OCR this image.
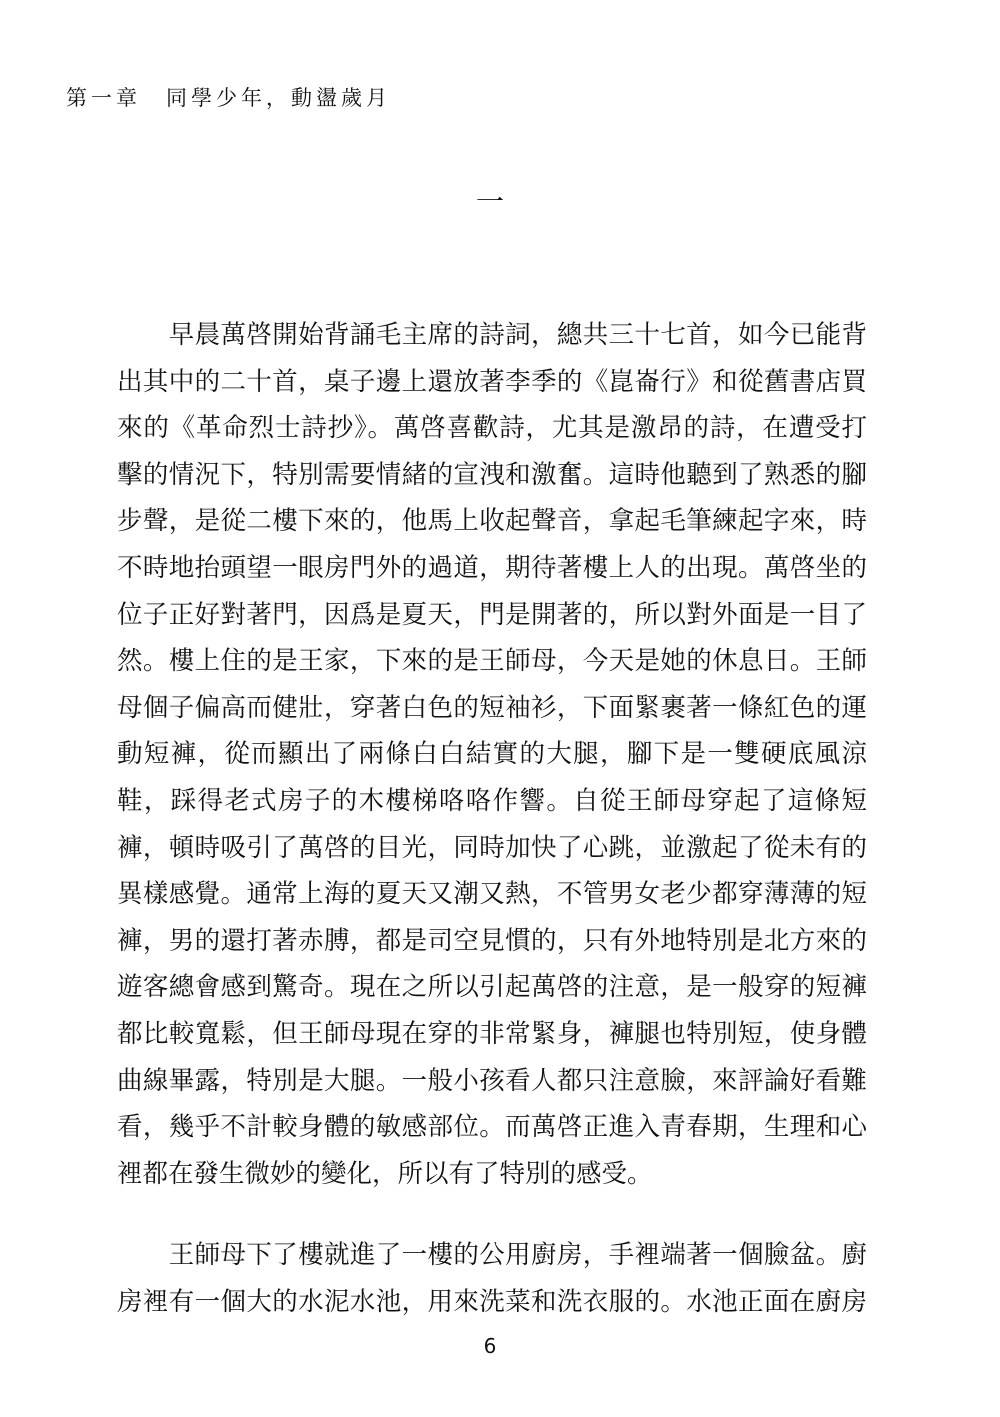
第一章　 同學少年，動盪歲月
一
　　早晨萬啓開始背誦毛主席的詩詞，總共三十七首，如今已能背
出其中的二十首，桌子邊上還放著李季的《崑崙行》和從舊書店買
來的《革命烈士詩抄》。萬啓喜歡詩，尤其是激昂的詩，在遭受打
擊的情況下，特別需要情緒的宣洩和激奮。這時他聽到了熟悉的腳
步聲，是從二樓下來的，他馬上收起聲音，拿起毛筆練起字來，時
不時地抬頭望一眼房門外的過道，期待著樓上人的出現。萬啓坐的
位子正好對著門，因爲是夏天，門是開著的，所以對外面是一目了
然。樓上住的是王家，下來的是王師母，今天是她的休息日。王師
母個子偏高而健壯，穿著白色的短袖衫，下面緊裹著一條紅色的運
動短褲，從而顯出了兩條白白結實的大腿，腳下是一雙硬底風涼
鞋，踩得老式房子的木樓梯咯咯作響。自從王師母穿起了這條短
褲，頓時吸引了萬啓的目光，同時加快了心跳，並激起了從未有的
異樣感覺。通常上海的夏天又潮又熱，不管男女老少都穿薄薄的短
褲，男的還打著赤膊，都是司空見慣的，只有外地特別是北方來的
遊客總會感到驚奇。現在之所以引起萬啓的注意，是一般穿的短褲
都比較寬鬆，但王師母現在穿的非常緊身，褲腿也特別短，使身體
曲線畢露，特別是大腿。一般小孩看人都只注意臉，來評論好看難
看，幾乎不計較身體的敏感部位。而萬啓正進入青春期，生理和心
裡都在發生微妙的變化，所以有了特別的感受。
　　王師母下了樓就進了一樓的公用廚房，手裡端著一個臉盆。廚
房裡有一個大的水泥水池，用來洗菜和洗衣服的。水池正面在廚房
6
